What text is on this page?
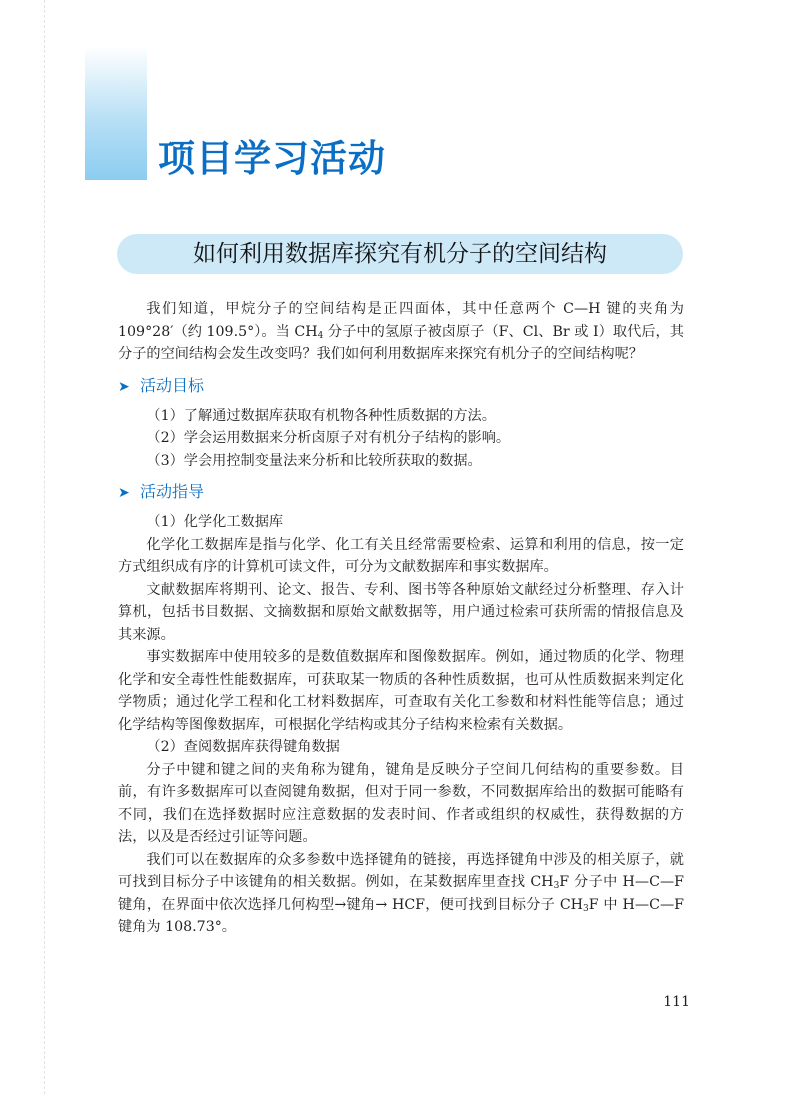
项目学习活动
如何利用数据库探究有机分子的空间结构

我们知道，甲烷分子的空间结构是正四面体，其中任意两个 C—H 键的夹角为 109°28′（约 109.5°）。当 $CH_4$ 分子中的氢原子被卤原子（F、Cl、Br 或 I）取代后，其分子的空间结构会发生改变吗？我们如何利用数据库来探究有机分子的空间结构呢？

➤ 活动目标

（1）了解通过数据库获取有机物各种性质数据的方法。

（2）学会运用数据来分析卤原子对有机分子结构的影响。

（3）学会用控制变量法来分析和比较所获取的数据。

➤ 活动指导

（1）化学化工数据库

化学化工数据库是指与化学、化工有关且经常需要检索、运算和利用的信息，按一定方式组织成有序的计算机可读文件，可分为文献数据库和事实数据库。

文献数据库将期刊、论文、报告、专利、图书等各种原始文献经过分析整理、存入计算机，包括书目数据、文摘数据和原始文献数据等，用户通过检索可获所需的情报信息及其来源。

事实数据库中使用较多的是数值数据库和图像数据库。例如，通过物质的化学、物理化学和安全毒性性能数据库，可获取某一物质的各种性质数据，也可从性质数据来判定化学物质；通过化学工程和化工材料数据库，可查取有关化工参数和材料性能等信息；通过化学结构等图像数据库，可根据化学结构或其分子结构来检索有关数据。

（2）查阅数据库获得键角数据

分子中键和键之间的夹角称为键角，键角是反映分子空间几何结构的重要参数。目前，有许多数据库可以查阅键角数据，但对于同一参数，不同数据库给出的数据可能略有不同，我们在选择数据时应注意数据的发表时间、作者或组织的权威性，获得数据的方法，以及是否经过引证等问题。

我们可以在数据库的众多参数中选择键角的链接，再选择键角中涉及的相关原子，就可找到目标分子中该键角的相关数据。例如，在某数据库里查找 $CH_3F$ 分子中 H—C—F 键角，在界面中依次选择几何构型→键角→ HCF，便可找到目标分子 $CH_3F$ 中 H—C—F 键角为 108.73°。

111
